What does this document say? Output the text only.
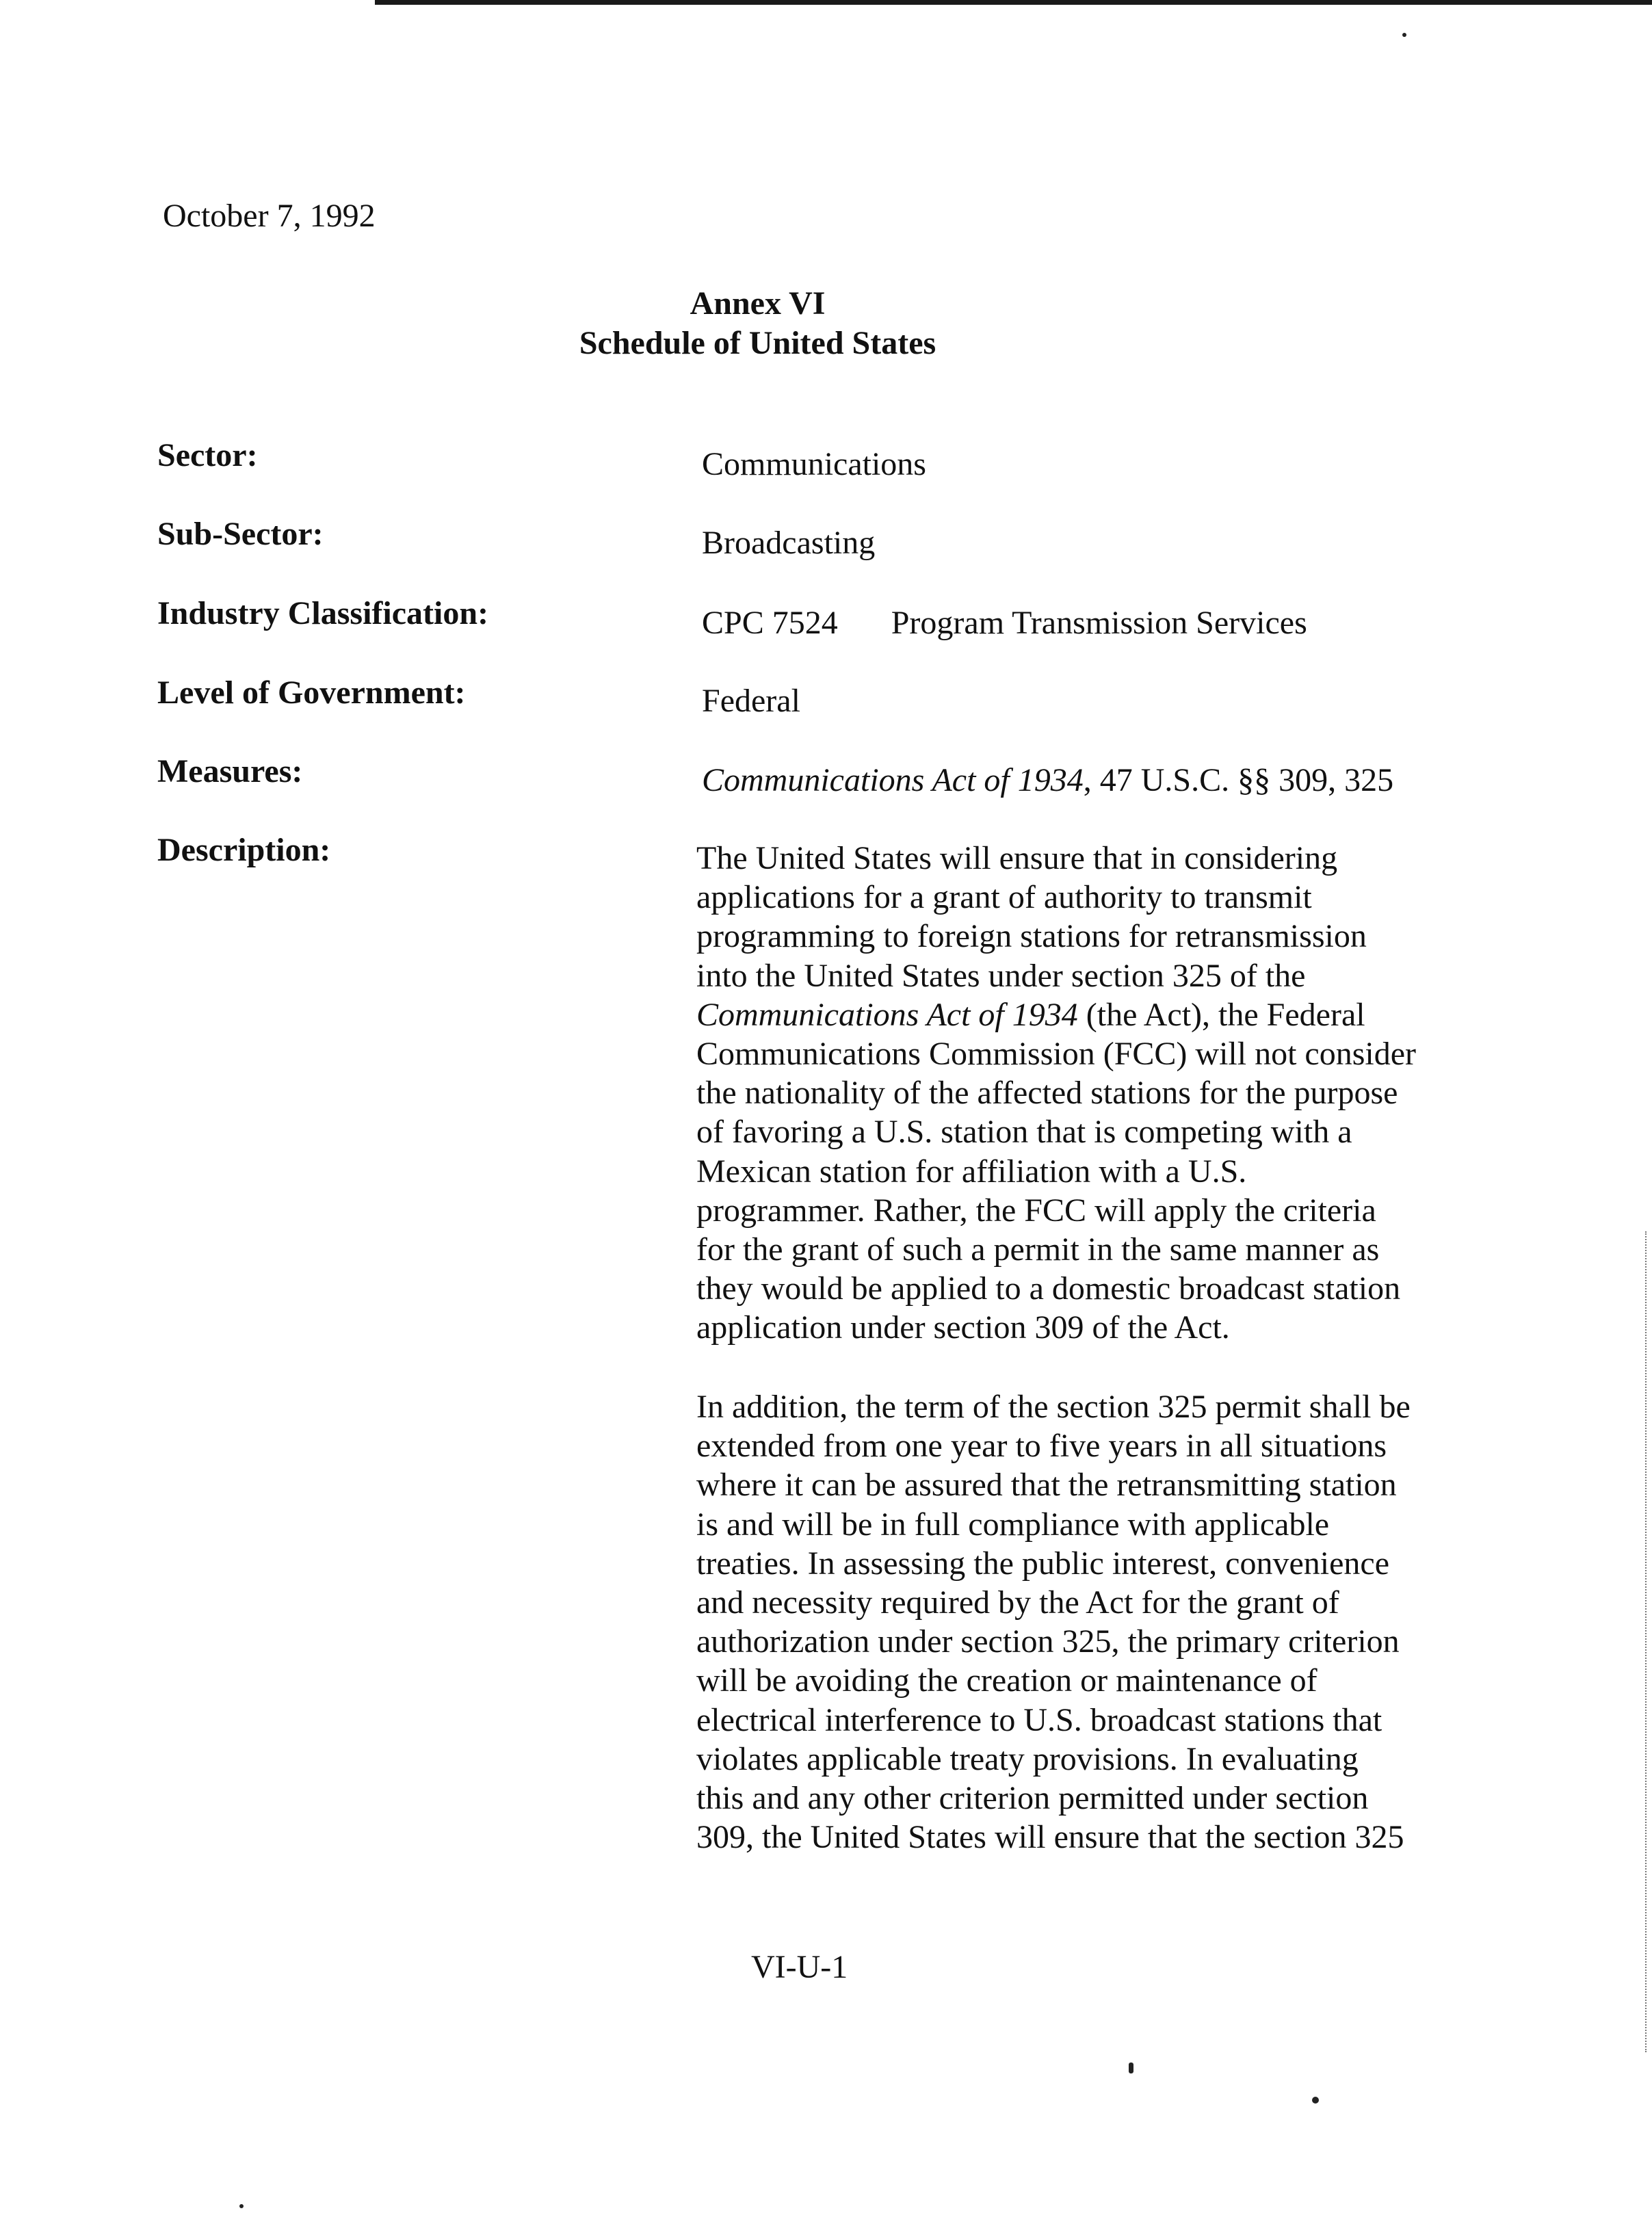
October 7, 1992
Annex VI
Schedule of United States
Sector:	Communications
Sub-Sector:	Broadcasting
Industry Classification:	CPC 7524 Program Transmission Services
Level of Government:	Federal
Measures:	Communications Act of 1934, 47 U.S.C. §§ 309, 325
Description:	The United States will ensure that in considering
applications for a grant of authority to transmit
programming to foreign stations for retransmission
into the United States under section 325 of the
Communications Act of 1934 (the Act), the Federal
Communications Commission (FCC) will not consider
the nationality of the affected stations for the purpose
of favoring a U.S. station that is competing with a
Mexican station for affiliation with a U.S.
programmer. Rather, the FCC will apply the criteria
for the grant of such a permit in the same manner as
they would be applied to a domestic broadcast station
application under section 309 of the Act.
In addition, the term of the section 325 permit shall be
extended from one year to five years in all situations
where it can be assured that the retransmitting station
is and will be in full compliance with applicable
treaties. In assessing the public interest, convenience
and necessity required by the Act for the grant of
authorization under section 325, the primary criterion
will be avoiding the creation or maintenance of
electrical interference to U.S. broadcast stations that
violates applicable treaty provisions. In evaluating
this and any other criterion permitted under section
309, the United States will ensure that the section 325
VI-U-1
